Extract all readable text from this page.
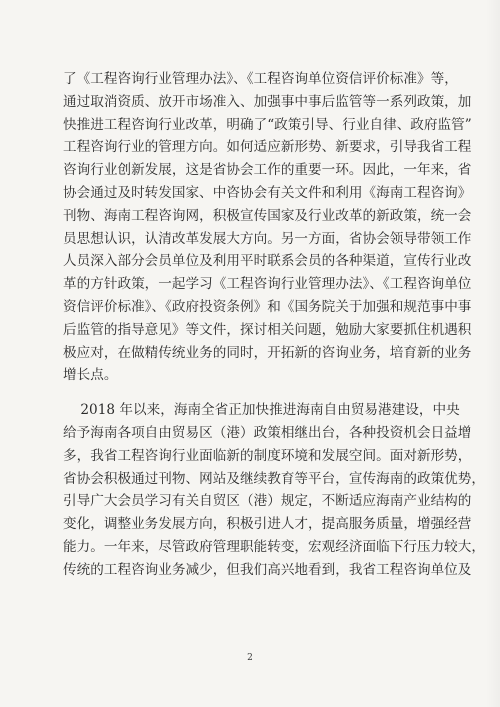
了《工程咨询行业管理办法》、《工程咨询单位资信评价标准》等，
通过取消资质、放开市场准入、加强事中事后监管等一系列政策，加
快推进工程咨询行业改革，明确了“政策引导、行业自律、政府监管”
工程咨询行业的管理方向。如何适应新形势、新要求，引导我省工程
咨询行业创新发展，这是省协会工作的重要一环。因此，一年来，省
协会通过及时转发国家、中咨协会有关文件和利用《海南工程咨询》
刊物、海南工程咨询网，积极宣传国家及行业改革的新政策，统一会
员思想认识，认清改革发展大方向。另一方面，省协会领导带领工作
人员深入部分会员单位及利用平时联系会员的各种渠道，宣传行业改
革的方针政策，一起学习《工程咨询行业管理办法》、《工程咨询单位
资信评价标准》、《政府投资条例》和《国务院关于加强和规范事中事
后监管的指导意见》等文件，探讨相关问题，勉励大家要抓住机遇积
极应对，在做精传统业务的同时，开拓新的咨询业务，培育新的业务
增长点。
2018 年以来，海南全省正加快推进海南自由贸易港建设，中央
给予海南各项自由贸易区（港）政策相继出台，各种投资机会日益增
多，我省工程咨询行业面临新的制度环境和发展空间。面对新形势，
省协会积极通过刊物、网站及继续教育等平台，宣传海南的政策优势，
引导广大会员学习有关自贸区（港）规定，不断适应海南产业结构的
变化，调整业务发展方向，积极引进人才，提高服务质量，增强经营
能力。一年来，尽管政府管理职能转变，宏观经济面临下行压力较大，
传统的工程咨询业务减少，但我们高兴地看到，我省工程咨询单位及
2
